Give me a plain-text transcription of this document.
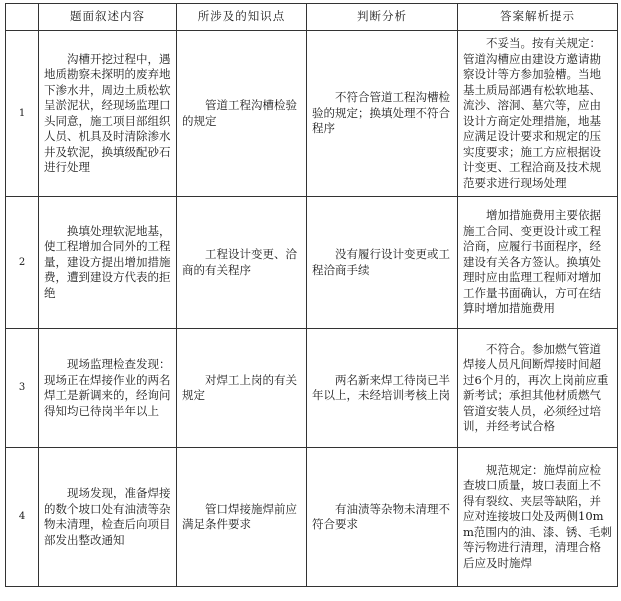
	题面叙述内容	所涉及的知识点	判断分析	答案解析提示
1	沟槽开挖过程中，遇地质勘察未探明的废弃地下渗水井，周边土质松软呈淤泥状，经现场监理口头同意，施工项目部组织人员、机具及时清除渗水井及软泥，换填级配砂石进行处理	管道工程沟槽检验的规定	不符合管道工程沟槽检验的规定；换填处理不符合程序	不妥当。按有关规定：管道沟槽应由建设方邀请勘察设计等方参加验槽。当地基土质局部遇有松软地基、流沙、溶洞、墓穴等，应由设计方商定处理措施，地基应满足设计要求和规定的压实度要求；施工方应根据设计变更、工程洽商及技术规范要求进行现场处理
2	换填处理软泥地基，使工程增加合同外的工程量，建设方提出增加措施费，遭到建设方代表的拒绝	工程设计变更、洽商的有关程序	没有履行设计变更或工程洽商手续	增加措施费用主要依据施工合同、变更设计或工程洽商，应履行书面程序，经建设有关各方签认。换填处理时应由监理工程师对增加工作量书面确认，方可在结算时增加措施费用
3	现场监理检查发现：现场正在焊接作业的两名焊工是新调来的，经询问得知均已待岗半年以上	对焊工上岗的有关规定	两名新来焊工待岗已半年以上，未经培训考核上岗	不符合。参加燃气管道焊接人员凡间断焊接时间超过6个月的，再次上岗前应重新考试；承担其他材质燃气管道安装人员，必须经过培训，并经考试合格
4	现场发现，准备焊接的数个坡口处有油渍等杂物未清理，检查后向项目部发出整改通知	管口焊接施焊前应满足条件要求	有油渍等杂物未清理不符合要求	规范规定：施焊前应检查坡口质量，坡口表面上不得有裂纹、夹层等缺陷，并应对连接坡口处及两侧10mm范围内的油、漆、锈、毛刺等污物进行清理，清理合格后应及时施焊
